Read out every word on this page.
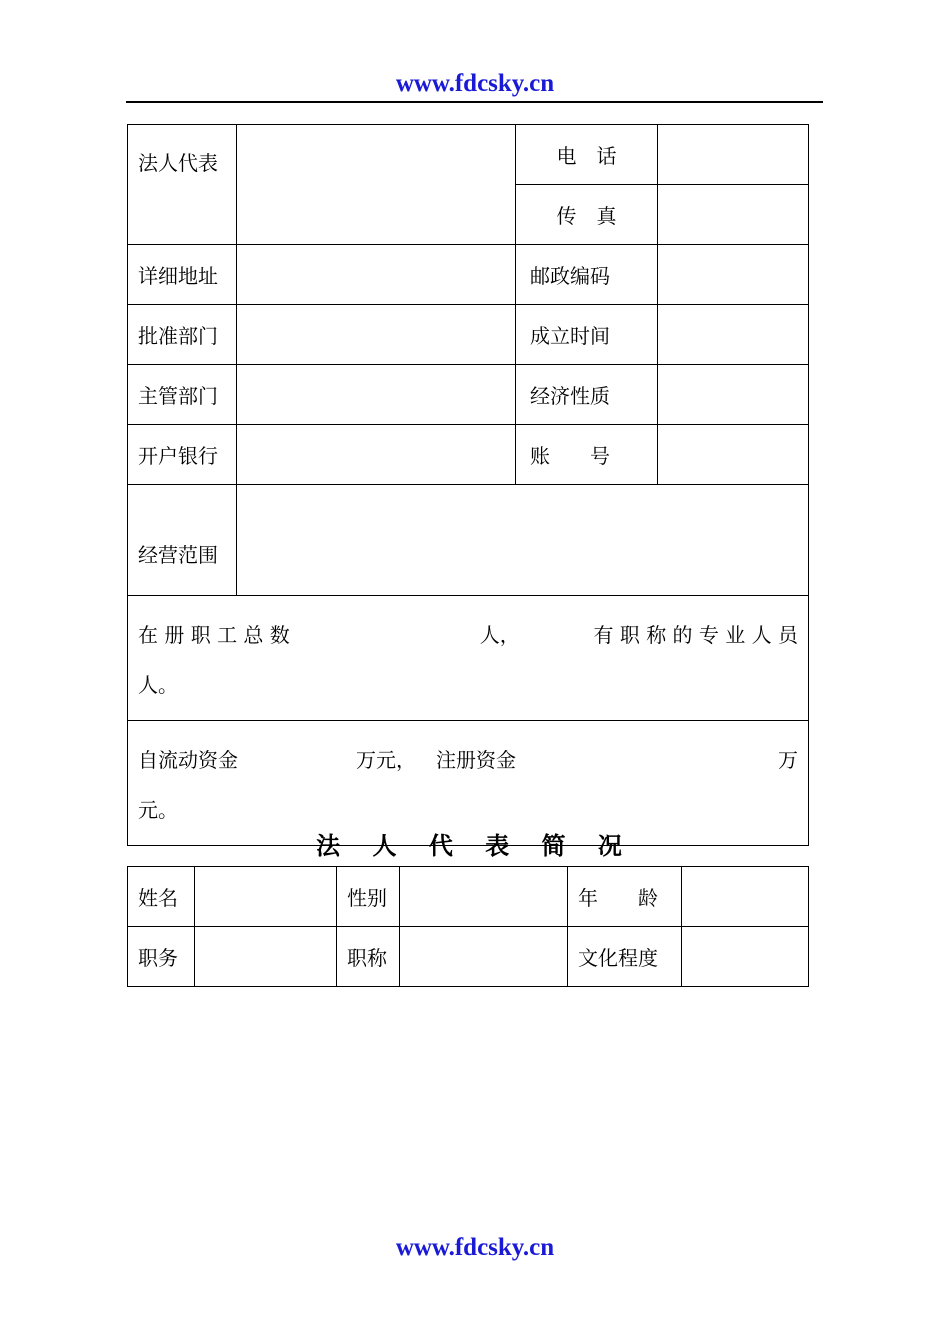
www.fdcsky.cn
法人代表		电　话	
		传　真	
详细地址		邮政编码	
批准部门		成立时间	
主管部门		经济性质	
开户银行		账　　号	
经营范围			

在 册 职 工 总 数 人， 有 职 称 的 专 业 人 员
人。			

自流动资金 万元， 注册资金 万
元。			
法 人 代 表 简 况
姓名		性别		年　　龄	
职务		职称		文化程度	
www.fdcsky.cn
